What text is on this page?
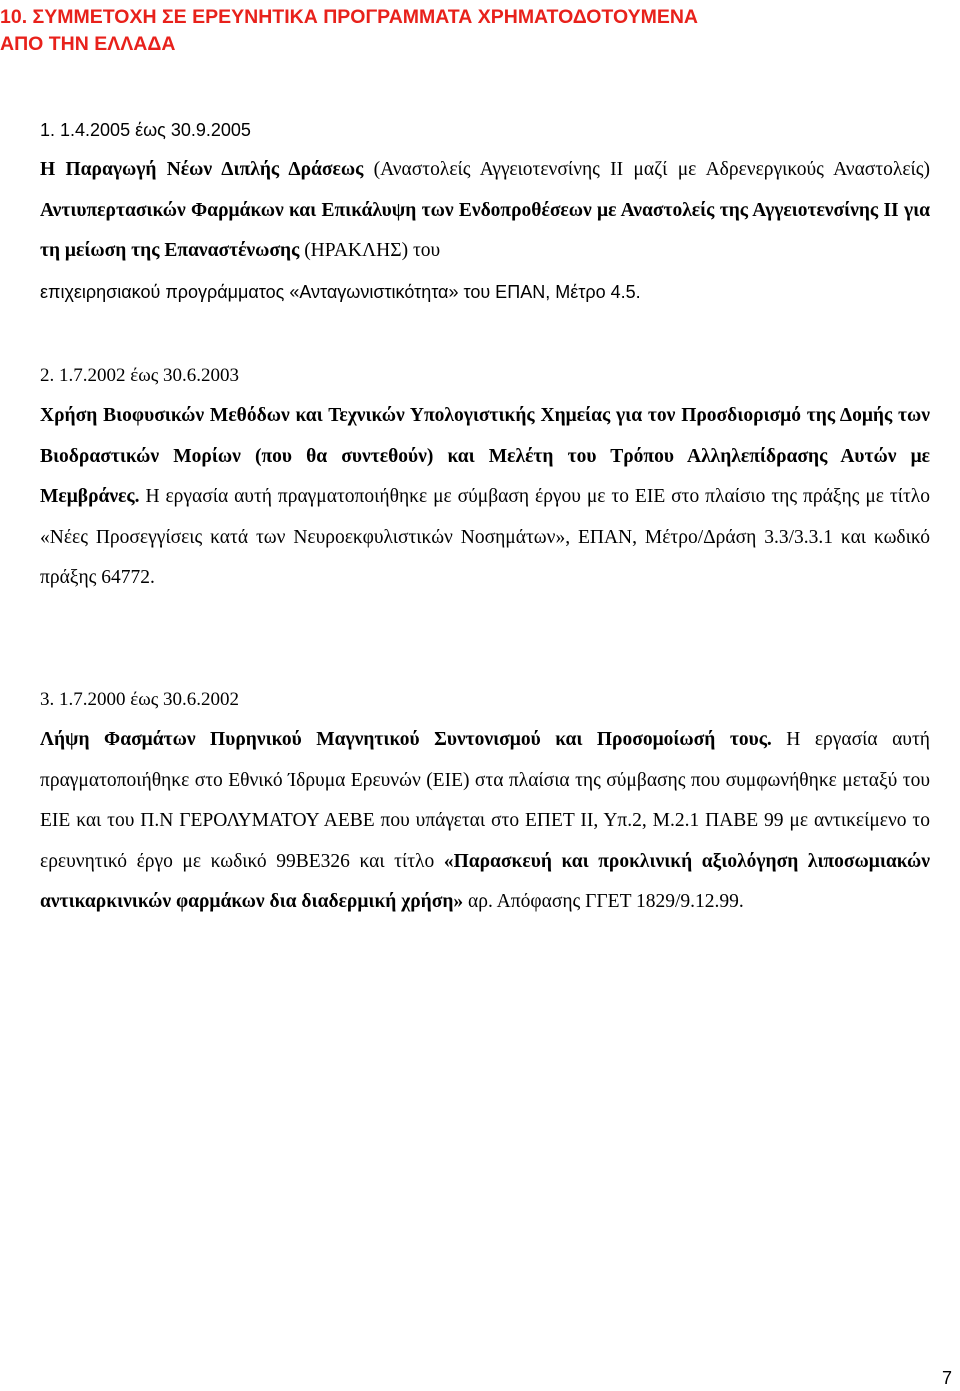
10. ΣΥΜΜΕΤΟΧΗ ΣΕ ΕΡΕΥΝΗΤΙΚΑ ΠΡΟΓΡΑΜΜΑΤΑ ΧΡΗΜΑΤΟΔΟΤΟΥΜΕΝΑ
ΑΠΟ ΤΗΝ ΕΛΛΑΔΑ
1. 1.4.2005 έως 30.9.2005

Η Παραγωγή Νέων Διπλής Δράσεως (Αναστολείς Αγγειοτενσίνης ΙΙ μαζί με Αδρενεργικούς Αναστολείς) Αντιυπερτασικών Φαρμάκων και Επικάλυψη των Ενδοπροθέσεων με Αναστολείς της Αγγειοτενσίνης ΙΙ για τη μείωση της Επαναστένωσης (ΗΡΑΚΛΗΣ) του
επιχειρησιακού προγράμματος «Ανταγωνιστικότητα» του ΕΠΑΝ, Μέτρο 4.5.

2. 1.7.2002 έως 30.6.2003

Χρήση Βιοφυσικών Μεθόδων και Τεχνικών Υπολογιστικής Χημείας για τον Προσδιορισμό της Δομής των Βιοδραστικών Μορίων (που θα συντεθούν) και Μελέτη του Τρόπου Αλληλεπίδρασης Αυτών με Μεμβράνες. Η εργασία αυτή πραγματοποιήθηκε με σύμβαση έργου με το ΕΙΕ στο πλαίσιο της πράξης με τίτλο «Νέες Προσεγγίσεις κατά των Νευροεκφυλιστικών Νοσημάτων», ΕΠΑΝ, Μέτρο/Δράση 3.3/3.3.1 και κωδικό πράξης 64772.

3. 1.7.2000 έως 30.6.2002

Λήψη Φασμάτων Πυρηνικού Μαγνητικού Συντονισμού και Προσομοίωσή τους. Η εργασία αυτή πραγματοποιήθηκε στο Εθνικό Ίδρυμα Ερευνών (ΕΙΕ) στα πλαίσια της σύμβασης που συμφωνήθηκε μεταξύ του ΕΙΕ και του Π.Ν ΓΕΡΟΛΥΜΑΤΟΥ ΑΕΒΕ που υπάγεται στο ΕΠΕΤ ΙΙ, Υπ.2, Μ.2.1 ΠΑΒΕ 99 με αντικείμενο το ερευνητικό έργο με κωδικό 99ΒΕ326 και τίτλο «Παρασκευή και προκλινική αξιολόγηση λιποσωμιακών αντικαρκινικών φαρμάκων δια διαδερμική χρήση» αρ. Απόφασης ΓΓΕΤ 1829/9.12.99.

7
